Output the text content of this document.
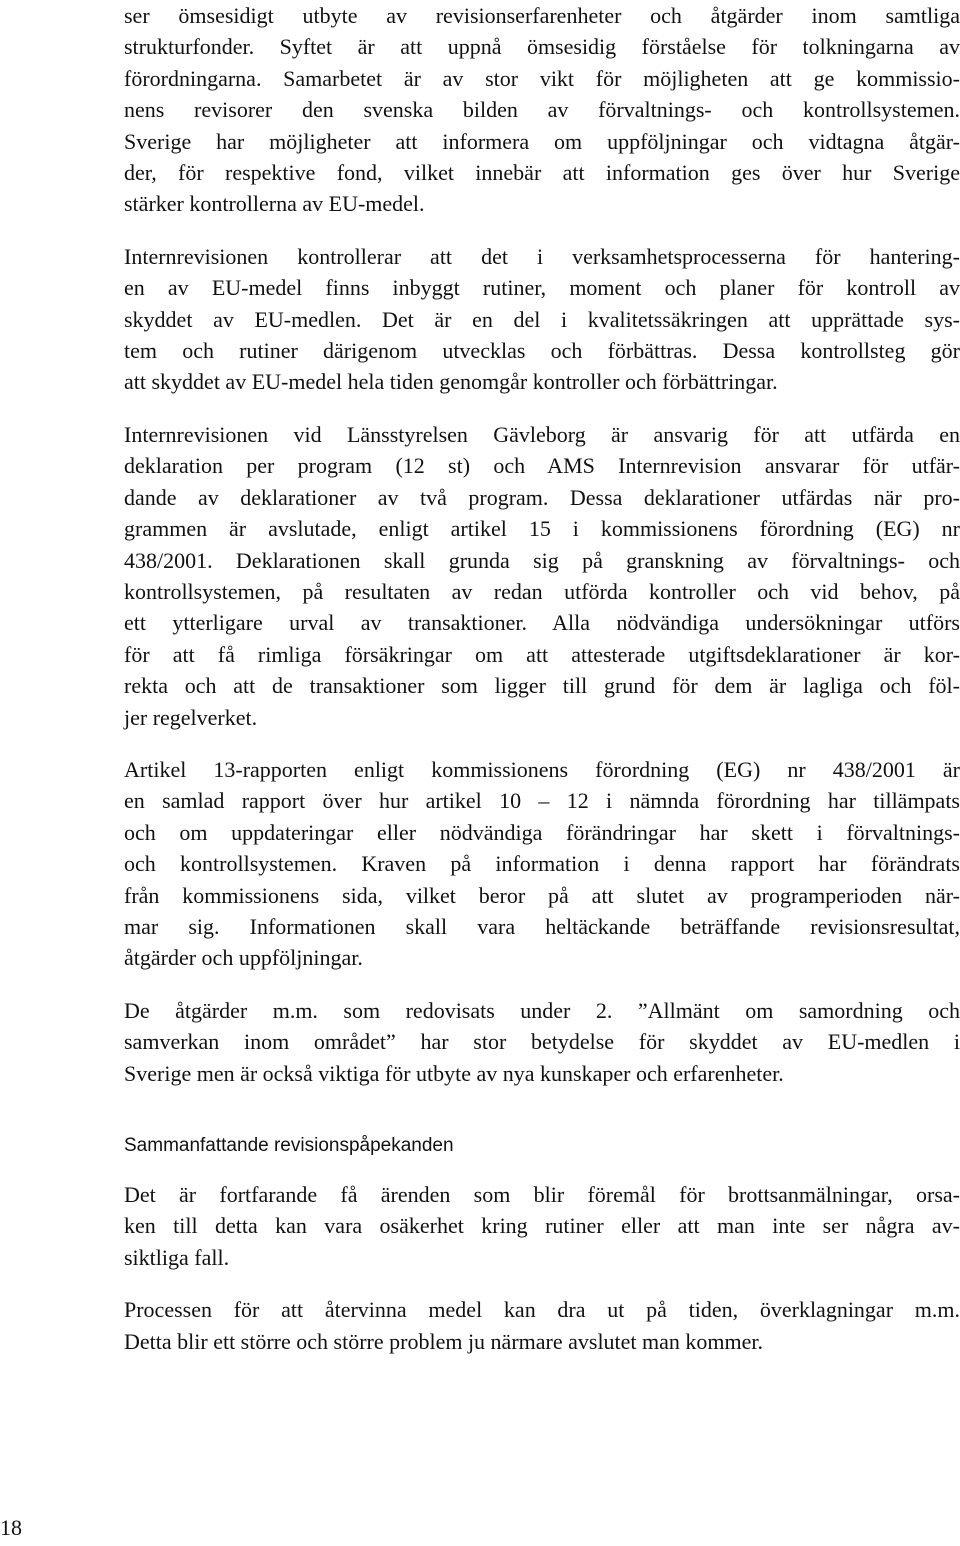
ser ömsesidigt utbyte av revisionserfarenheter och åtgärder inom samtliga
strukturfonder. Syftet är att uppnå ömsesidig förståelse för tolkningarna av
förordningarna. Samarbetet är av stor vikt för möjligheten att ge kommissio-
nens revisorer den svenska bilden av förvaltnings- och kontrollsystemen.
Sverige har möjligheter att informera om uppföljningar och vidtagna åtgär-
der, för respektive fond, vilket innebär att information ges över hur Sverige
stärker kontrollerna av EU-medel.

Internrevisionen kontrollerar att det i verksamhetsprocesserna för hantering-
en av EU-medel finns inbyggt rutiner, moment och planer för kontroll av
skyddet av EU-medlen. Det är en del i kvalitetssäkringen att upprättade sys-
tem och rutiner därigenom utvecklas och förbättras. Dessa kontrollsteg gör
att skyddet av EU-medel hela tiden genomgår kontroller och förbättringar.

Internrevisionen vid Länsstyrelsen Gävleborg är ansvarig för att utfärda en
deklaration per program (12 st) och AMS Internrevision ansvarar för utfär-
dande av deklarationer av två program. Dessa deklarationer utfärdas när pro-
grammen är avslutade, enligt artikel 15 i kommissionens förordning (EG) nr
438/2001. Deklarationen skall grunda sig på granskning av förvaltnings- och
kontrollsystemen, på resultaten av redan utförda kontroller och vid behov, på
ett ytterligare urval av transaktioner. Alla nödvändiga undersökningar utförs
för att få rimliga försäkringar om att attesterade utgiftsdeklarationer är kor-
rekta och att de transaktioner som ligger till grund för dem är lagliga och föl-
jer regelverket.

Artikel 13-rapporten enligt kommissionens förordning (EG) nr 438/2001 är
en samlad rapport över hur artikel 10 – 12 i nämnda förordning har tillämpats
och om uppdateringar eller nödvändiga förändringar har skett i förvaltnings-
och kontrollsystemen. Kraven på information i denna rapport har förändrats
från kommissionens sida, vilket beror på att slutet av programperioden när-
mar sig. Informationen skall vara heltäckande beträffande revisionsresultat,
åtgärder och uppföljningar.

De åtgärder m.m. som redovisats under 2. ”Allmänt om samordning och
samverkan inom området” har stor betydelse för skyddet av EU-medlen i
Sverige men är också viktiga för utbyte av nya kunskaper och erfarenheter.

Sammanfattande revisionspåpekanden

Det är fortfarande få ärenden som blir föremål för brottsanmälningar, orsa-
ken till detta kan vara osäkerhet kring rutiner eller att man inte ser några av-
siktliga fall.

Processen för att återvinna medel kan dra ut på tiden, överklagningar m.m.
Detta blir ett större och större problem ju närmare avslutet man kommer.

18
